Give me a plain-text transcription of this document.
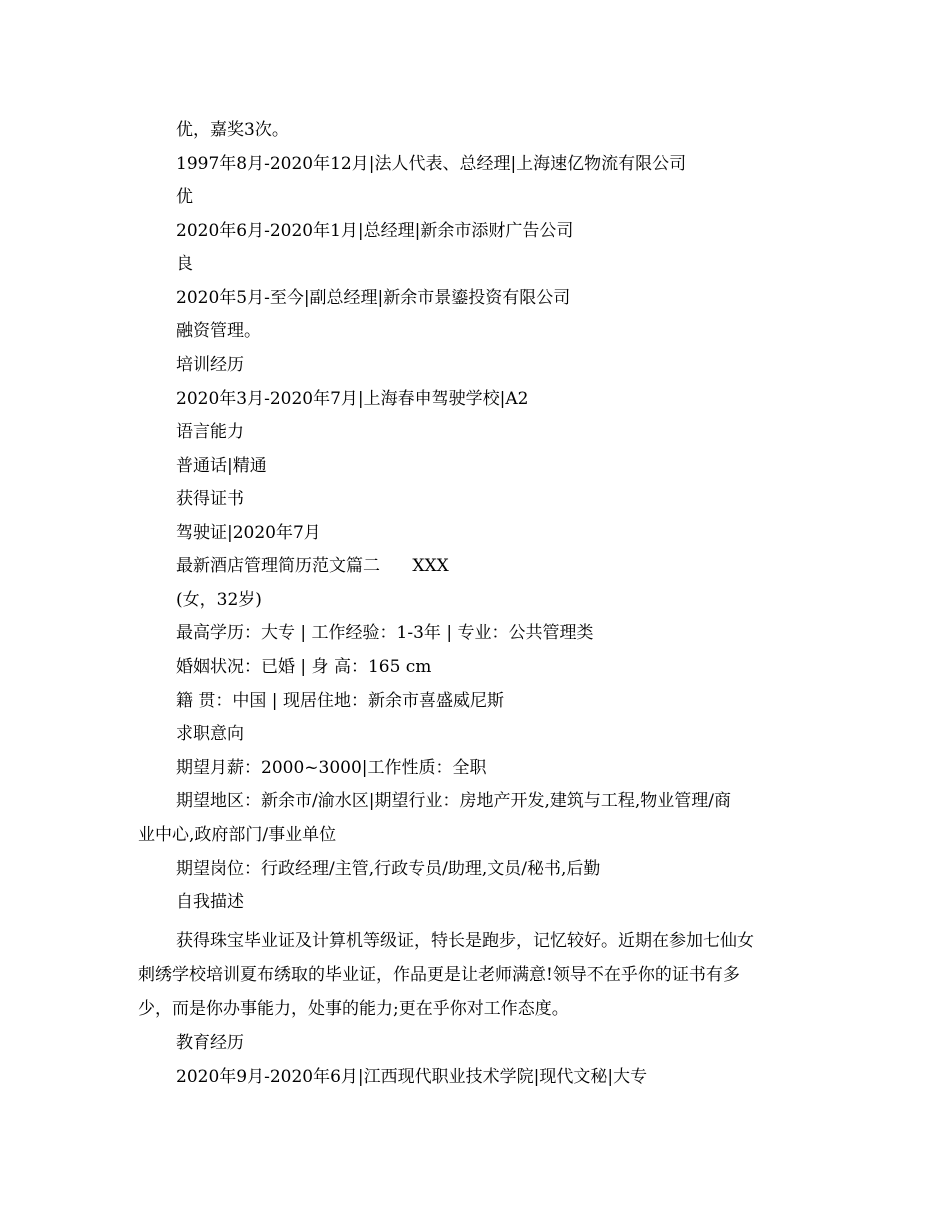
优，嘉奖3次。
1997年8月-2020年12月|法人代表、总经理|上海速亿物流有限公司
优
2020年6月-2020年1月|总经理|新余市添财广告公司
良
2020年5月-至今|副总经理|新余市景鎏投资有限公司
融资管理。
培训经历
2020年3月-2020年7月|上海春申驾驶学校|A2
语言能力
普通话|精通
获得证书
驾驶证|2020年7月
最新酒店管理简历范文篇二      XXX
(女，32岁)
最高学历：大专 | 工作经验：1-3年 | 专业：公共管理类
婚姻状况：已婚 | 身 高：165 cm
籍 贯：中国 | 现居住地：新余市喜盛威尼斯
求职意向
期望月薪：2000~3000|工作性质：全职
期望地区：新余市/渝水区|期望行业：房地产开发,建筑与工程,物业管理/商
业中心,政府部门/事业单位
期望岗位：行政经理/主管,行政专员/助理,文员/秘书,后勤
自我描述
获得珠宝毕业证及计算机等级证，特长是跑步，记忆较好。近期在参加七仙女
刺绣学校培训夏布绣取的毕业证，作品更是让老师满意!领导不在乎你的证书有多
少，而是你办事能力，处事的能力;更在乎你对工作态度。
教育经历
2020年9月-2020年6月|江西现代职业技术学院|现代文秘|大专
